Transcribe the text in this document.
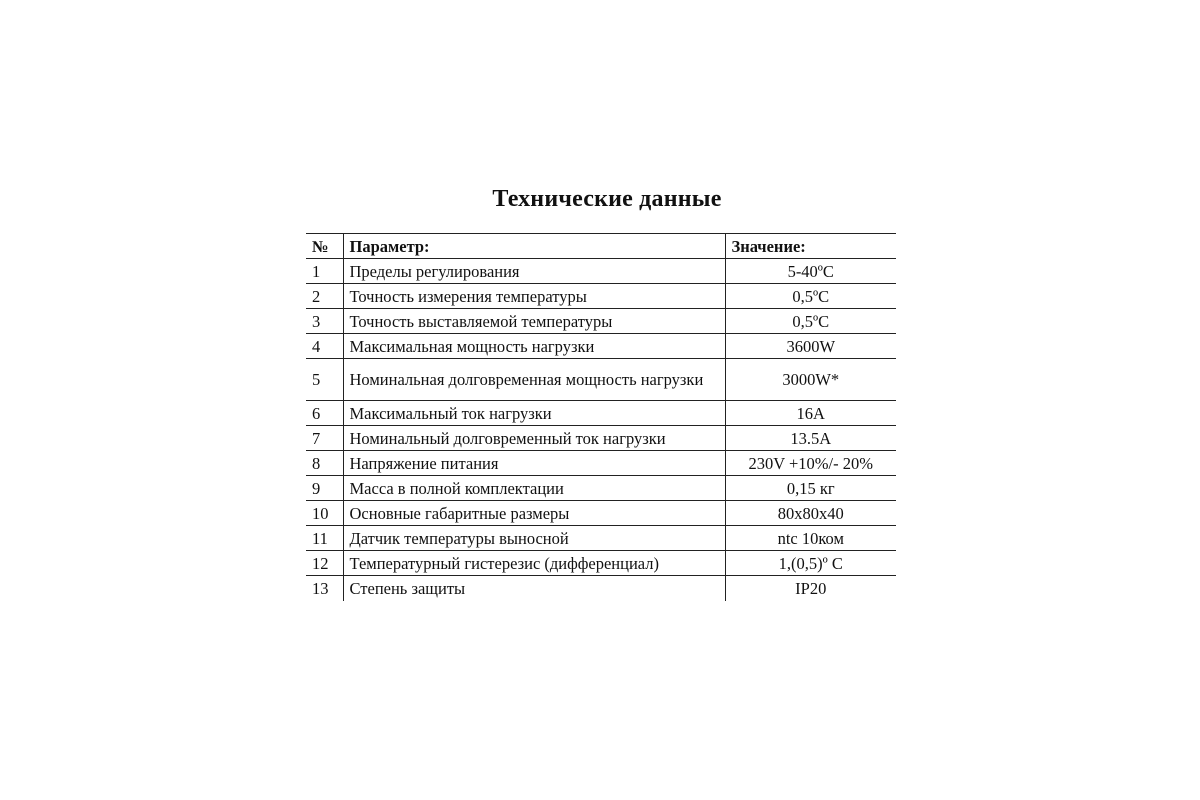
Технические данные
№	Параметр:	Значение:
1	Пределы регулирования	5-40ºC
2	Точность измерения температуры	0,5ºC
3	Точность выставляемой температуры	0,5ºC
4	Максимальная мощность нагрузки	3600W
5	Номинальная долговременная мощность нагрузки	3000W*
6	Максимальный ток нагрузки	16A
7	Номинальный долговременный ток нагрузки	13.5A
8	Напряжение питания	230V +10%/- 20%
9	Масса в полной комплектации	0,15 кг
10	Основные габаритные размеры	80x80x40
11	Датчик температуры выносной	ntc 10ком
12	Температурный гистерезис (дифференциал)	1,(0,5)º C
13	Степень защиты	IP20
